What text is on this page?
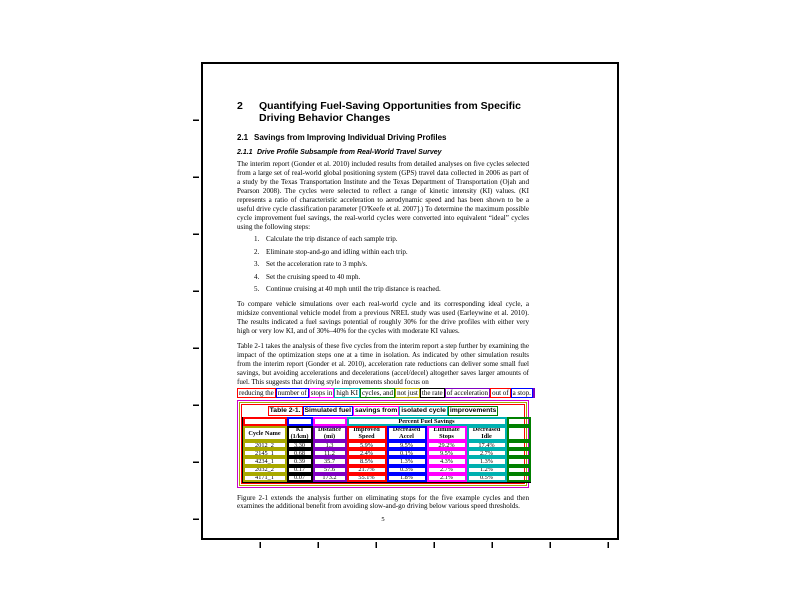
2	Quantifying Fuel-Saving Opportunities from Specific Driving Behavior Changes
2.1 Savings from Improving Individual Driving Profiles
2.1.1 Drive Profile Subsample from Real-World Travel Survey

The interim report (Gonder et al. 2010) included results from detailed analyses on five cycles selected from a large set of real-world global positioning system (GPS) travel data collected in 2006 as part of a study by the Texas Transportation Institute and the Texas Department of Transportation (Ojah and Pearson 2008). The cycles were selected to reflect a range of kinetic intensity (KI) values. (KI represents a ratio of characteristic acceleration to aerodynamic speed and has been shown to be a useful drive cycle classification parameter [O'Keefe et al. 2007].) To determine the maximum possible cycle improvement fuel savings, the real-world cycles were converted into equivalent “ideal” cycles using the following steps:

1. Calculate the trip distance of each sample trip.
2. Eliminate stop-and-go and idling within each trip.
3. Set the acceleration rate to 3 mph/s.
4. Set the cruising speed to 40 mph.
5. Continue cruising at 40 mph until the trip distance is reached.

To compare vehicle simulations over each real-world cycle and its corresponding ideal cycle, a midsize conventional vehicle model from a previous NREL study was used (Earleywine et al. 2010). The results indicated a fuel savings potential of roughly 30% for the drive profiles with either very high or very low KI, and of 30%–40% for the cycles with moderate KI values.

Table 2-1 takes the analysis of these five cycles from the interim report a step further by examining the impact of the optimization steps one at a time in isolation. As indicated by other simulation results from the interim report (Gonder et al. 2010), acceleration rate reductions can deliver some small fuel savings, but avoiding accelerations and decelerations (accel/decel) altogether saves larger amounts of fuel. This suggests that driving style improvements should focus on

reducing the number of stops in high KI cycles, and not just the rate of acceleration out of a stop.
Table 2-1. Simulated fuel savings from isolated cycle improvements
			Percent Fuel Savings				
Cycle Name	KI (1/km)	Distance (mi)	Improved Speed	Decreased Accel	Eliminate Stops	Decreased Idle	
2012_2	3.30	1.3	5.9%	9.5%	29.2%	17.4%	
2145_1	0.68	11.2	2.4%	0.1%	9.5%	2.7%	
4234_1	0.39	35.7	8.5%	1.3%	4.3%	1.3%	
2032_2	0.17	57.6	21.7%	0.3%	2.7%	1.2%	
4171_1	0.07	173.2	55.1%	1.8%	2.1%	0.5%	

Figure 2-1 extends the analysis further on eliminating stops for the five example cycles and then examines the additional benefit from avoiding slow-and-go driving below various speed thresholds.

5
